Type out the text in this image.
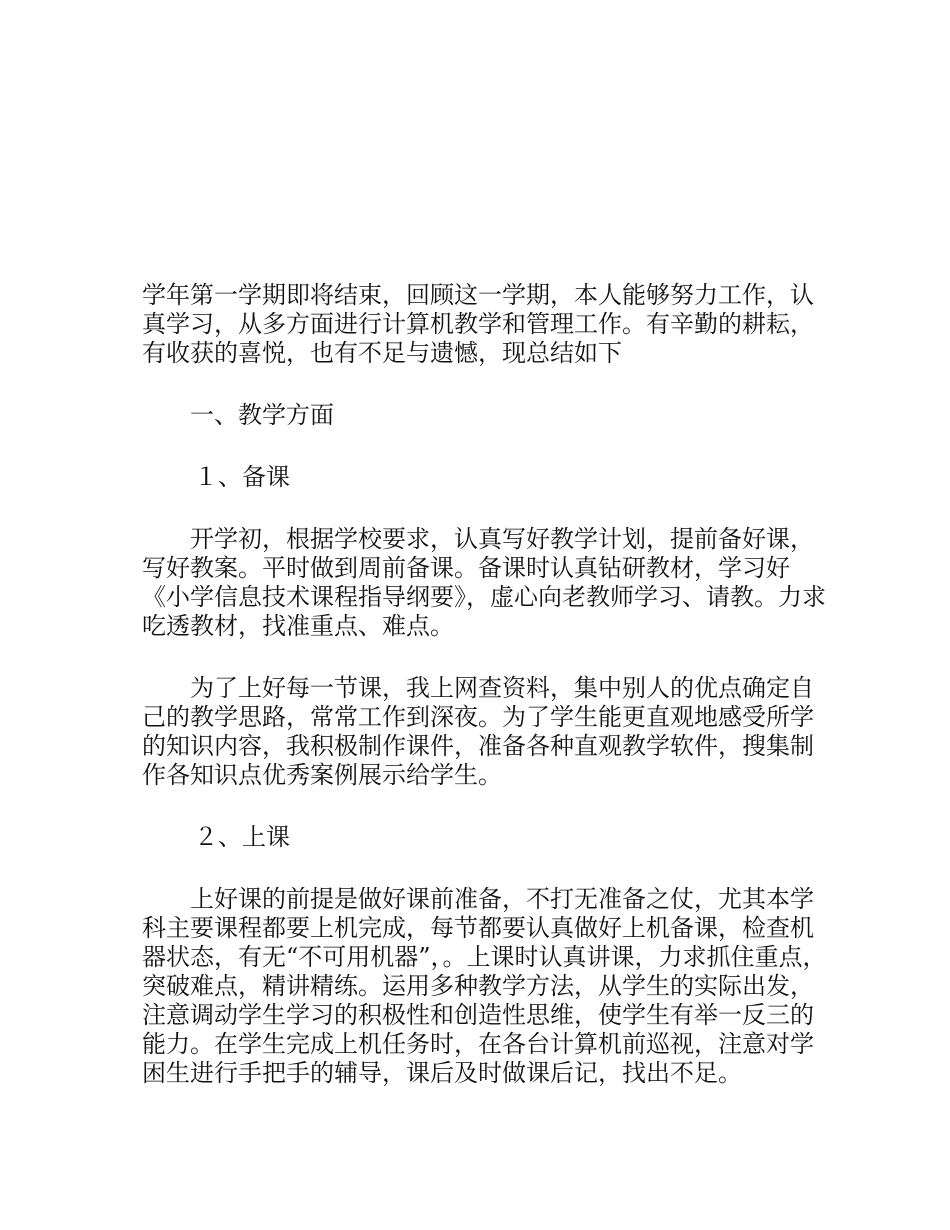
学年第一学期即将结束，回顾这一学期，本人能够努力工作，认真学习，从多方面进行计算机教学和管理工作。有辛勤的耕耘，有收获的喜悦，也有不足与遗憾，现总结如下

一、教学方面

１、备课

开学初，根据学校要求，认真写好教学计划，提前备好课，写好教案。平时做到周前备课。备课时认真钻研教材，学习好《小学信息技术课程指导纲要》，虚心向老教师学习、请教。力求吃透教材，找准重点、难点。

为了上好每一节课，我上网查资料，集中别人的优点确定自己的教学思路，常常工作到深夜。为了学生能更直观地感受所学的知识内容，我积极制作课件，准备各种直观教学软件，搜集制作各知识点优秀案例展示给学生。

２、上课

上好课的前提是做好课前准备，不打无准备之仗，尤其本学科主要课程都要上机完成，每节都要认真做好上机备课，检查机器状态，有无“不可用机器”，。上课时认真讲课，力求抓住重点，突破难点，精讲精练。运用多种教学方法，从学生的实际出发，注意调动学生学习的积极性和创造性思维，使学生有举一反三的能力。在学生完成上机任务时，在各台计算机前巡视，注意对学困生进行手把手的辅导，课后及时做课后记，找出不足。
